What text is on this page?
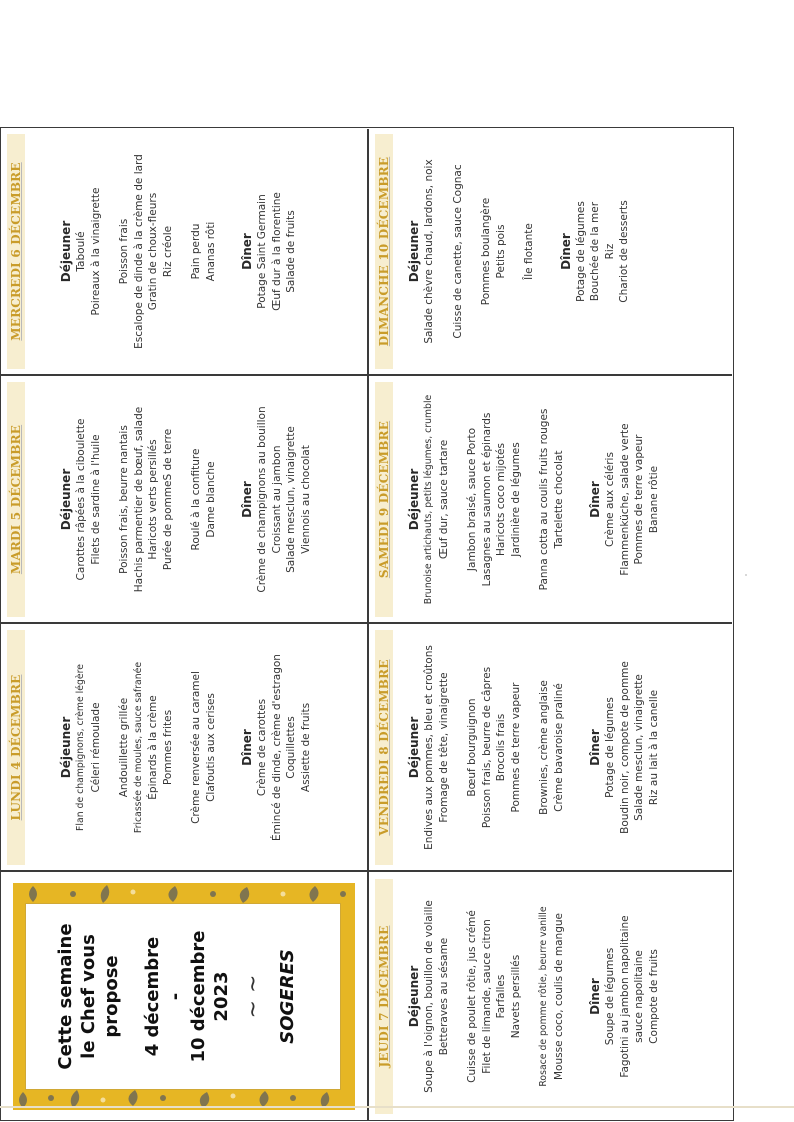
Cette semaine le Chef vous propose 4 décembre - 10 décembre 2023 ~ ~ SOGERES
LUNDI 4 DÉCEMBRE	Déjeuner Flan de champignons, crème légère Céleri rémoulade Andouillette grillée Fricassée de moules, sauce safranée Épinards à la crème Pommes frites Crème renversée au caramel Clafoutis aux cerises Dîner Crème de carottes Émincé de dinde, crème d'estragon Coquillettes Assiette de fruits
MARDI 5 DÉCEMBRE	Déjeuner Carottes râpées à la ciboulette Filets de sardine à l'huile Poisson frais, beurre nantais Hachis parmentier de bœuf, salade Haricots verts persillés Purée de pommeS de terre Roulé à la confiture Dame blanche Dîner Crème de champignons au bouillon Croissant au jambon Salade mesclun, vinaigrette Viennois au chocolat
MERCREDI 6 DÉCEMBRE	Déjeuner Taboulé Poireaux à la vinaigrette Poisson frais Escalope de dinde à la crème de lard Gratin de choux-fleurs Riz créole Pain perdu Ananas rôti Dîner Potage Saint Germain Œuf dur à la florentine Salade de fruits
JEUDI 7 DÉCEMBRE Déjeuner Soupe à l'oignon, bouillon de volaille Betteraves au sésame Cuisse de poulet rôtie, jus crémé Filet de limande, sauce citron Farfalles Navets persillés Rosace de pomme rôtie, beurre vanille Mousse coco, coulis de mangue Dîner Soupe de légumes Fagotini au jambon napolitaine sauce napolitaine Compote de fruits
VENDREDI 8 DÉCEMBRE Déjeuner Endives aux pommes, bleu et croûtons Fromage de tête, vinaigrette Bœuf bourguignon Poisson frais, beurre de câpres Brocolis frais Pommes de terre vapeur Brownies, crème anglaise Crème bavaroise praliné Dîner Potage de légumes Boudin noir, compote de pomme Salade mesclun, vinaigrette Riz au lait à la canelle
SAMEDI 9 DÉCEMBRE Déjeuner Brunoise artichauts, petits légumes, crumble Œuf dur, sauce tartare Jambon braisé, sauce Porto Lasagnes au saumon et épinards Haricots coco mijotés Jardinière de légumes Panna cotta au coulis fruits rouges Tartelette chocolat Dîner Crème aux céléris Flammenküche, salade verte Pommes de terre vapeur Banane rôtie
DIMANCHE 10 DÉCEMBRE Déjeuner Salade chèvre chaud, lardons, noix Cuisse de canette, sauce Cognac Pommes boulangère Petits pois Île flotante Dîner Potage de légumes Bouchée de la mer Riz Chariot de desserts
